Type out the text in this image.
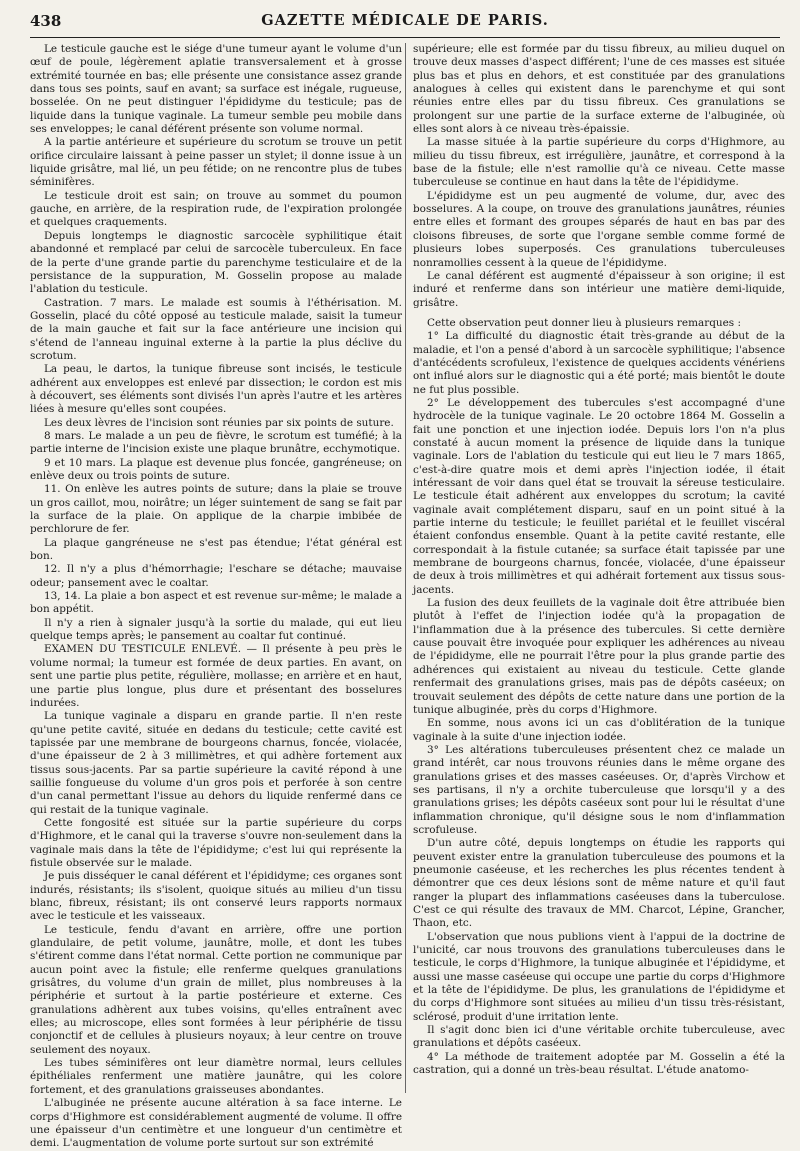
438	GAZETTE MÉDICALE DE PARIS.

Le testicule gauche est le siége d'une tumeur ayant le volume d'un œuf de poule, légèrement aplatie transversalement et à grosse extrémité tournée en bas; elle présente une consistance assez grande dans tous ses points, sauf en avant; sa surface est inégale, rugueuse, bosselée. On ne peut distinguer l'épididyme du testicule; pas de liquide dans la tunique vaginale. La tumeur semble peu mobile dans ses enveloppes; le canal déférent présente son volume normal.

A la partie antérieure et supérieure du scrotum se trouve un petit orifice circulaire laissant à peine passer un stylet; il donne issue à un liquide grisâtre, mal lié, un peu fétide; on ne rencontre plus de tubes séminifères.

Le testicule droit est sain; on trouve au sommet du poumon gauche, en arrière, de la respiration rude, de l'expiration prolongée et quelques craquements.

Depuis longtemps le diagnostic sarcocèle syphilitique était abandonné et remplacé par celui de sarcocèle tuberculeux. En face de la perte d'une grande partie du parenchyme testiculaire et de la persistance de la suppuration, M. Gosselin propose au malade l'ablation du testicule.

Castration. 7 mars. Le malade est soumis à l'éthérisation. M. Gosselin, placé du côté opposé au testicule malade, saisit la tumeur de la main gauche et fait sur la face antérieure une incision qui s'étend de l'anneau inguinal externe à la partie la plus déclive du scrotum.

La peau, le dartos, la tunique fibreuse sont incisés, le testicule adhérent aux enveloppes est enlevé par dissection; le cordon est mis à découvert, ses éléments sont divisés l'un après l'autre et les artères liées à mesure qu'elles sont coupées.

Les deux lèvres de l'incision sont réunies par six points de suture.

8 mars. Le malade a un peu de fièvre, le scrotum est tuméfié; à la partie interne de l'incision existe une plaque brunâtre, ecchymotique.

9 et 10 mars. La plaque est devenue plus foncée, gangréneuse; on enlève deux ou trois points de suture.

11. On enlève les autres points de suture; dans la plaie se trouve un gros caillot, mou, noirâtre; un léger suintement de sang se fait par la surface de la plaie. On applique de la charpie imbibée de perchlorure de fer.

La plaque gangréneuse ne s'est pas étendue; l'état général est bon.

12. Il n'y a plus d'hémorrhagie; l'eschare se détache; mauvaise odeur; pansement avec le coaltar.

13, 14. La plaie a bon aspect et est revenue sur-même; le malade a bon appétit.

Il n'y a rien à signaler jusqu'à la sortie du malade, qui eut lieu quelque temps après; le pansement au coaltar fut continué.

EXAMEN DU TESTICULE ENLEVÉ. — Il présente à peu près le volume normal; la tumeur est formée de deux parties. En avant, on sent une partie plus petite, régulière, mollasse; en arrière et en haut, une partie plus longue, plus dure et présentant des bosselures indurées.

La tunique vaginale a disparu en grande partie. Il n'en reste qu'une petite cavité, située en dedans du testicule; cette cavité est tapissée par une membrane de bourgeons charnus, foncée, violacée, d'une épaisseur de 2 à 3 millimètres, et qui adhère fortement aux tissus sous-jacents. Par sa partie supérieure la cavité répond à une saillie fongueuse du volume d'un gros pois et perforée à son centre d'un canal permettant l'issue au dehors du liquide renfermé dans ce qui restait de la tunique vaginale.

Cette fongosité est située sur la partie supérieure du corps d'Highmore, et le canal qui la traverse s'ouvre non-seulement dans la vaginale mais dans la tête de l'épididyme; c'est lui qui représente la fistule observée sur le malade.

Je puis disséquer le canal déférent et l'épididyme; ces organes sont indurés, résistants; ils s'isolent, quoique situés au milieu d'un tissu blanc, fibreux, résistant; ils ont conservé leurs rapports normaux avec le testicule et les vaisseaux.

Le testicule, fendu d'avant en arrière, offre une portion glandulaire, de petit volume, jaunâtre, molle, et dont les tubes s'étirent comme dans l'état normal. Cette portion ne communique par aucun point avec la fistule; elle renferme quelques granulations grisâtres, du volume d'un grain de millet, plus nombreuses à la périphérie et surtout à la partie postérieure et externe. Ces granulations adhèrent aux tubes voisins, qu'elles entraînent avec elles; au microscope, elles sont formées à leur périphérie de tissu conjonctif et de cellules à plusieurs noyaux; à leur centre on trouve seulement des noyaux.

Les tubes séminifères ont leur diamètre normal, leurs cellules épithéliales renferment une matière jaunâtre, qui les colore fortement, et des granulations graisseuses abondantes.

L'albuginée ne présente aucune altération à sa face interne. Le corps d'Highmore est considérablement augmenté de volume. Il offre une épaisseur d'un centimètre et une longueur d'un centimètre et demi. L'augmentation de volume porte surtout sur son extrémité

supérieure; elle est formée par du tissu fibreux, au milieu duquel on trouve deux masses d'aspect différent; l'une de ces masses est située plus bas et plus en dehors, et est constituée par des granulations analogues à celles qui existent dans le parenchyme et qui sont réunies entre elles par du tissu fibreux. Ces granulations se prolongent sur une partie de la surface externe de l'albuginée, où elles sont alors à ce niveau très-épaissie.

La masse située à la partie supérieure du corps d'Highmore, au milieu du tissu fibreux, est irrégulière, jaunâtre, et correspond à la base de la fistule; elle n'est ramollie qu'à ce niveau. Cette masse tuberculeuse se continue en haut dans la tête de l'épididyme.

L'épididyme est un peu augmenté de volume, dur, avec des bosselures. A la coupe, on trouve des granulations jaunâtres, réunies entre elles et formant des groupes séparés de haut en bas par des cloisons fibreuses, de sorte que l'organe semble comme formé de plusieurs lobes superposés. Ces granulations tuberculeuses nonramollies cessent à la queue de l'épididyme.

Le canal déférent est augmenté d'épaisseur à son origine; il est induré et renferme dans son intérieur une matière demi-liquide, grisâtre.

Cette observation peut donner lieu à plusieurs remarques :

1° La difficulté du diagnostic était très-grande au début de la maladie, et l'on a pensé d'abord à un sarcocèle syphilitique; l'absence d'antécédents scrofuleux, l'existence de quelques accidents vénériens ont influé alors sur le diagnostic qui a été porté; mais bientôt le doute ne fut plus possible.

2° Le développement des tubercules s'est accompagné d'une hydrocèle de la tunique vaginale. Le 20 octobre 1864 M. Gosselin a fait une ponction et une injection iodée. Depuis lors l'on n'a plus constaté à aucun moment la présence de liquide dans la tunique vaginale. Lors de l'ablation du testicule qui eut lieu le 7 mars 1865, c'est-à-dire quatre mois et demi après l'injection iodée, il était intéressant de voir dans quel état se trouvait la séreuse testiculaire. Le testicule était adhérent aux enveloppes du scrotum; la cavité vaginale avait complétement disparu, sauf en un point situé à la partie interne du testicule; le feuillet pariétal et le feuillet viscéral étaient confondus ensemble. Quant à la petite cavité restante, elle correspondait à la fistule cutanée; sa surface était tapissée par une membrane de bourgeons charnus, foncée, violacée, d'une épaisseur de deux à trois millimètres et qui adhérait fortement aux tissus sous-jacents.

La fusion des deux feuillets de la vaginale doit être attribuée bien plutôt à l'effet de l'injection iodée qu'à la propagation de l'inflammation due à la présence des tubercules. Si cette dernière cause pouvait être invoquée pour expliquer les adhérences au niveau de l'épididyme, elle ne pourrait l'être pour la plus grande partie des adhérences qui existaient au niveau du testicule. Cette glande renfermait des granulations grises, mais pas de dépôts caséeux; on trouvait seulement des dépôts de cette nature dans une portion de la tunique albuginée, près du corps d'Highmore.

En somme, nous avons ici un cas d'oblitération de la tunique vaginale à la suite d'une injection iodée.

3° Les altérations tuberculeuses présentent chez ce malade un grand intérêt, car nous trouvons réunies dans le même organe des granulations grises et des masses caséeuses. Or, d'après Virchow et ses partisans, il n'y a orchite tuberculeuse que lorsqu'il y a des granulations grises; les dépôts caséeux sont pour lui le résultat d'une inflammation chronique, qu'il désigne sous le nom d'inflammation scrofuleuse.

D'un autre côté, depuis longtemps on étudie les rapports qui peuvent exister entre la granulation tuberculeuse des poumons et la pneumonie caséeuse, et les recherches les plus récentes tendent à démontrer que ces deux lésions sont de même nature et qu'il faut ranger la plupart des inflammations caséeuses dans la tuberculose. C'est ce qui résulte des travaux de MM. Charcot, Lépine, Grancher, Thaon, etc.

L'observation que nous publions vient à l'appui de la doctrine de l'unicité, car nous trouvons des granulations tuberculeuses dans le testicule, le corps d'Highmore, la tunique albuginée et l'épididyme, et aussi une masse caséeuse qui occupe une partie du corps d'Highmore et la tête de l'épididyme. De plus, les granulations de l'épididyme et du corps d'Highmore sont situées au milieu d'un tissu très-résistant, sclérosé, produit d'une irritation lente.

Il s'agit donc bien ici d'une véritable orchite tuberculeuse, avec granulations et dépôts caséeux.

4° La méthode de traitement adoptée par M. Gosselin a été la castration, qui a donné un très-beau résultat. L'étude anatomo-
